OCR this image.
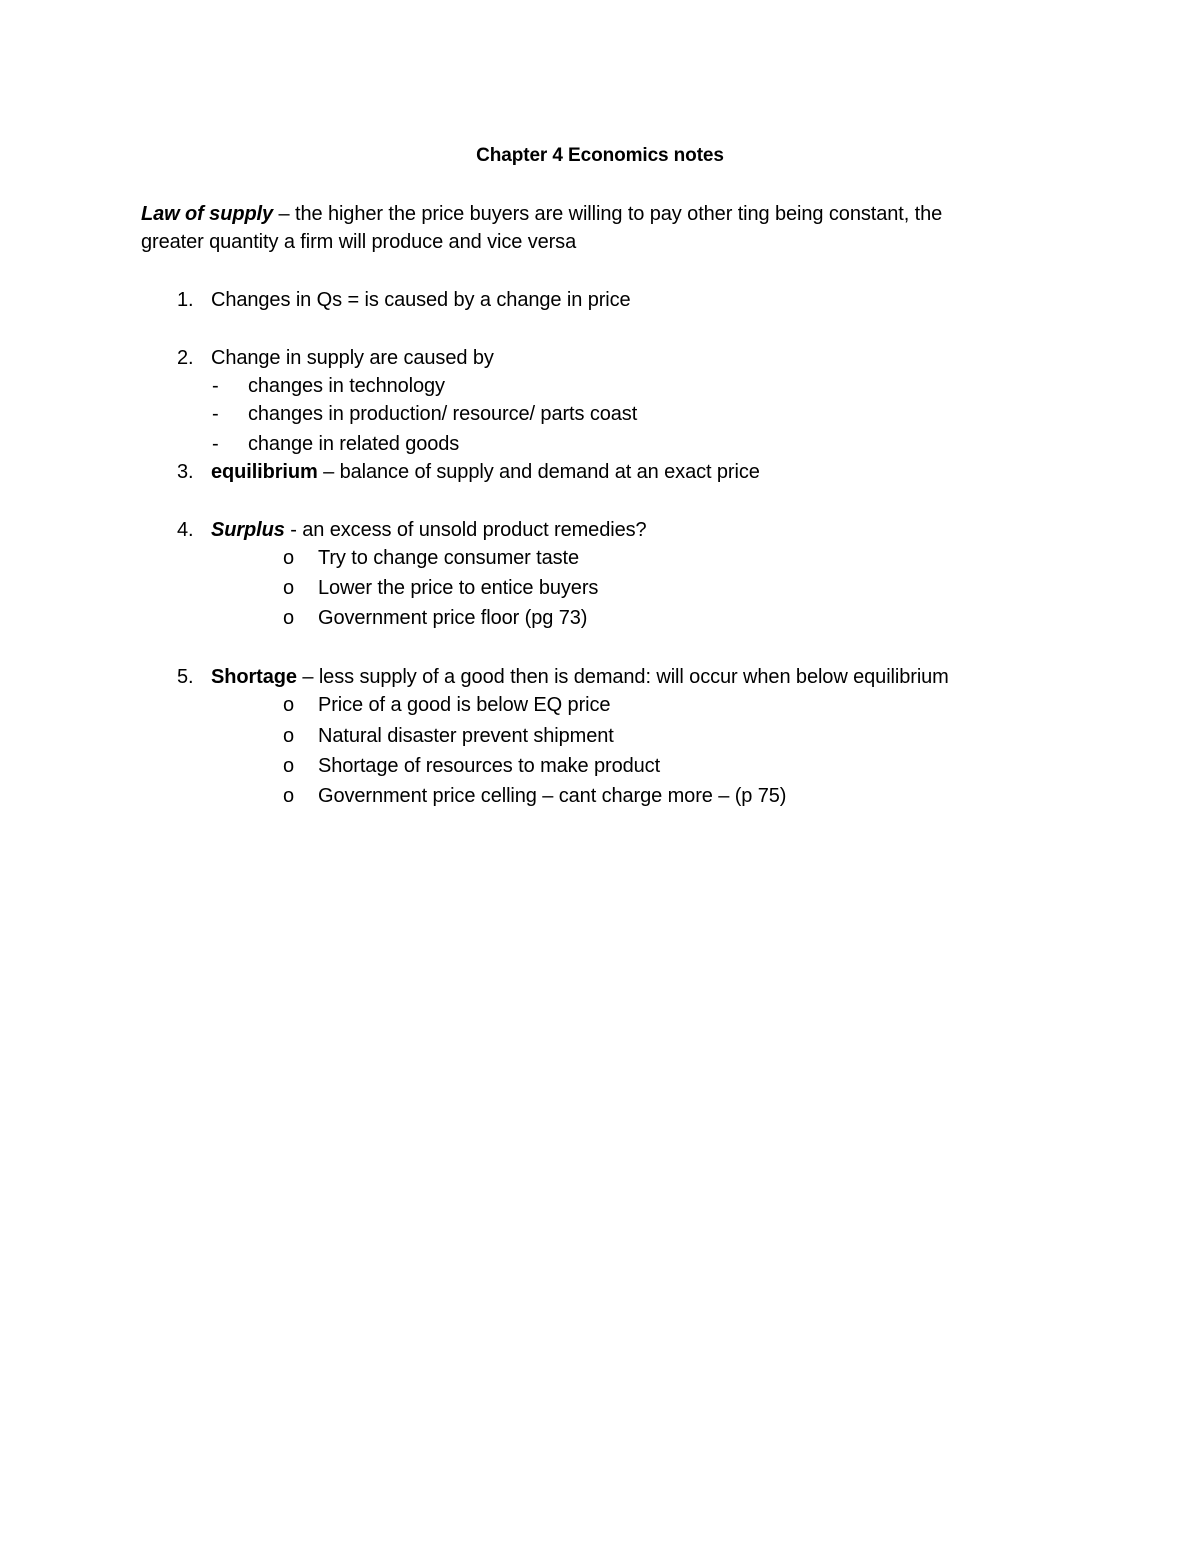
Chapter 4 Economics notes
Law of supply – the higher the price buyers are willing to pay other ting being constant, the
greater quantity a firm will produce and vice versa
1. Changes in Qs = is caused by a change in price
2. Change in supply are caused by
- changes in technology
- changes in production/ resource/ parts coast
- change in related goods
3. equilibrium – balance of supply and demand at an exact price
4. Surplus - an excess of unsold product remedies?
o Try to change consumer taste
o Lower the price to entice buyers
o Government price floor (pg 73)
5. Shortage – less supply of a good then is demand: will occur when below equilibrium
o Price of a good is below EQ price
o Natural disaster prevent shipment
o Shortage of resources to make product
o Government price celling – cant charge more – (p 75)
